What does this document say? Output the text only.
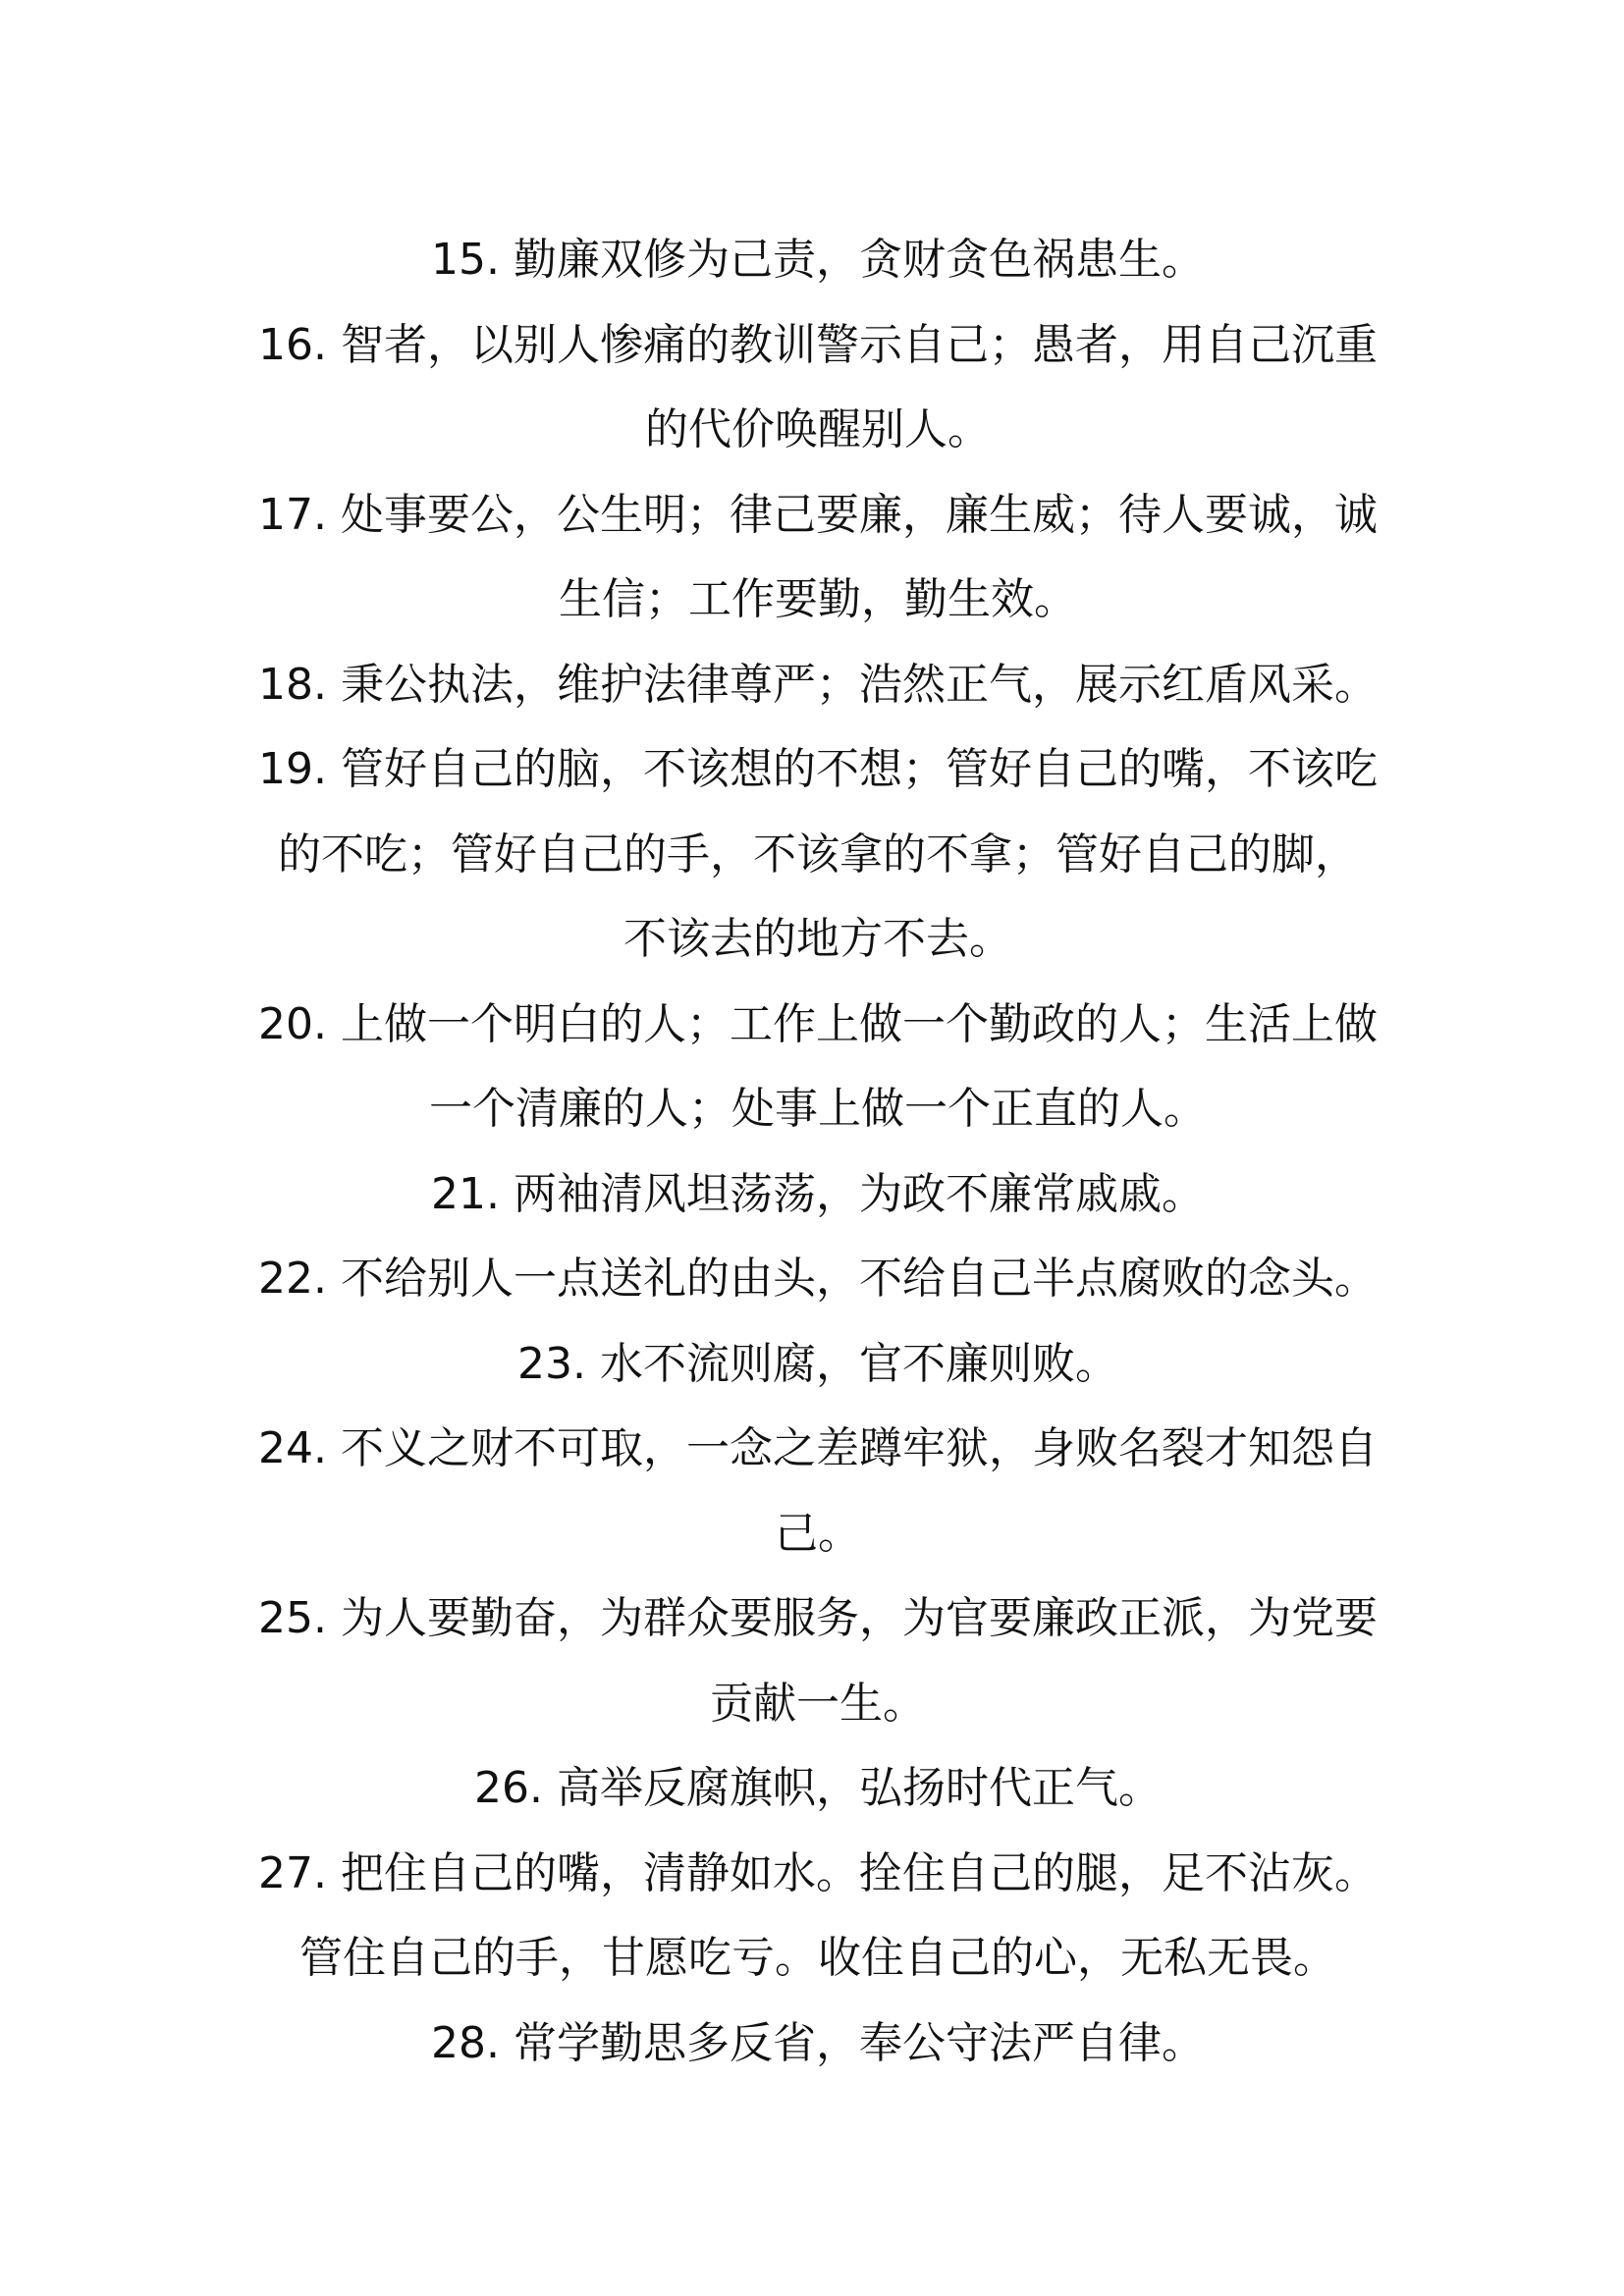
15. 勤廉双修为己责，贪财贪色祸患生。
16. 智者，以别人惨痛的教训警示自己；愚者，用自己沉重
的代价唤醒别人。
17. 处事要公，公生明；律己要廉，廉生威；待人要诚，诚
生信；工作要勤，勤生效。
18. 秉公执法，维护法律尊严；浩然正气，展示红盾风采。
19. 管好自己的脑，不该想的不想；管好自己的嘴，不该吃
的不吃；管好自己的手，不该拿的不拿；管好自己的脚，
不该去的地方不去。
20. 上做一个明白的人；工作上做一个勤政的人；生活上做
一个清廉的人；处事上做一个正直的人。
21. 两袖清风坦荡荡，为政不廉常戚戚。
22. 不给别人一点送礼的由头，不给自己半点腐败的念头。
23. 水不流则腐，官不廉则败。
24. 不义之财不可取，一念之差蹲牢狱，身败名裂才知怨自
己。
25. 为人要勤奋，为群众要服务，为官要廉政正派，为党要
贡献一生。
26. 高举反腐旗帜，弘扬时代正气。
27. 把住自己的嘴，清静如水。拴住自己的腿，足不沾灰。
管住自己的手，甘愿吃亏。收住自己的心，无私无畏。
28. 常学勤思多反省，奉公守法严自律。
